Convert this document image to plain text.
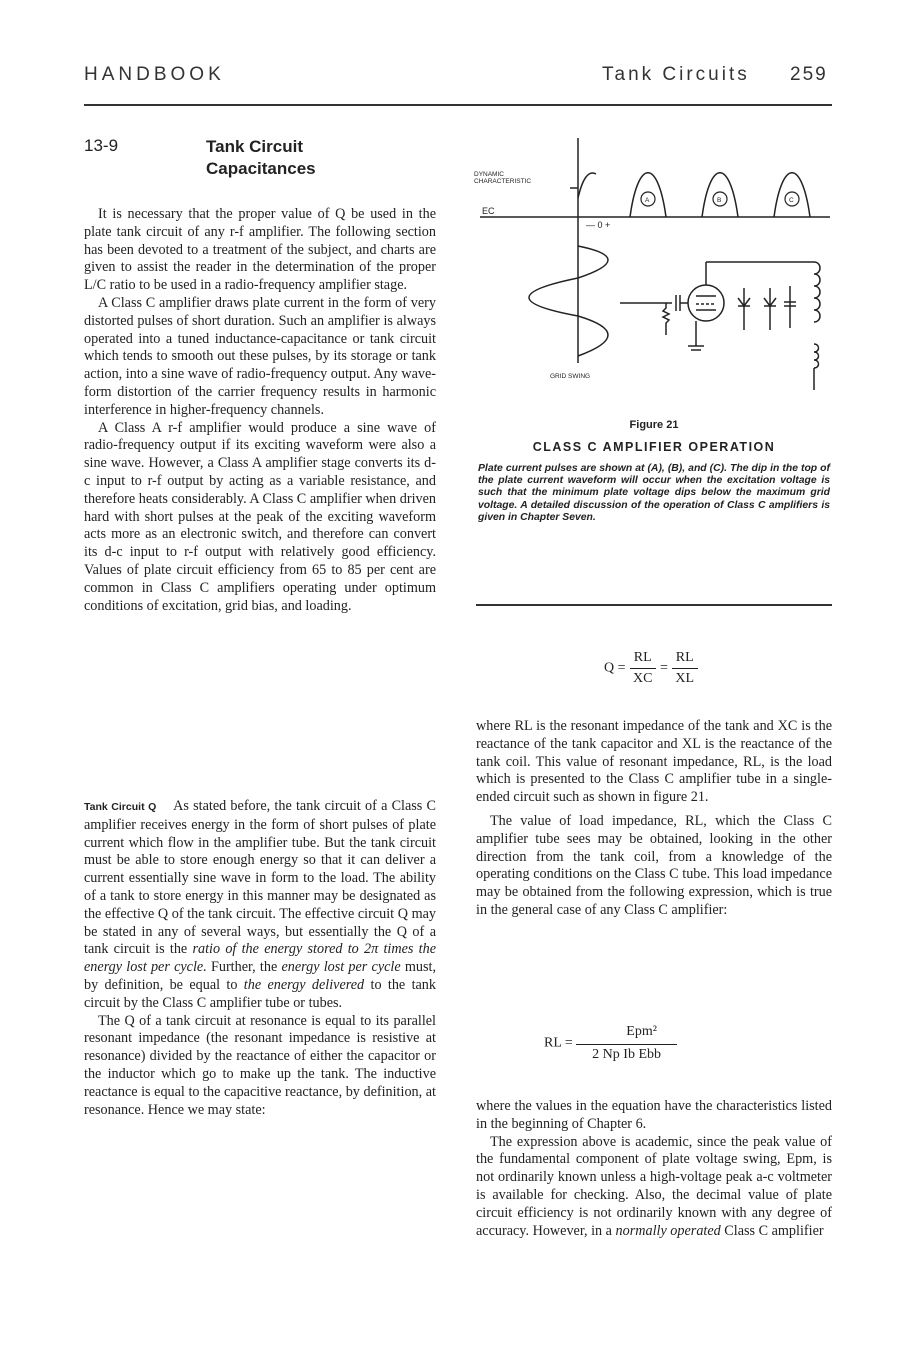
HANDBOOK	Tank Circuits 259
13-9	Tank Circuit
Capacitances

It is necessary that the proper value of Q be used in the plate tank circuit of any r-f amplifier. The following section has been devoted to a treatment of the subject, and charts are given to assist the reader in the determination of the proper L/C ratio to be used in a radio-frequency amplifier stage.

A Class C amplifier draws plate current in the form of very distorted pulses of short duration. Such an amplifier is always operated into a tuned inductance-capacitance or tank circuit which tends to smooth out these pulses, by its storage or tank action, into a sine wave of radio-frequency output. Any wave-form distortion of the carrier frequency results in harmonic interference in higher-frequency channels.

A Class A r-f amplifier would produce a sine wave of radio-frequency output if its exciting waveform were also a sine wave. However, a Class A amplifier stage converts its d-c input to r-f output by acting as a variable resistance, and therefore heats considerably. A Class C amplifier when driven hard with short pulses at the peak of the exciting waveform acts more as an electronic switch, and therefore can convert its d-c input to r-f output with relatively good efficiency. Values of plate circuit efficiency from 65 to 85 per cent are common in Class C amplifiers operating under optimum conditions of excitation, grid bias, and loading.

Tank Circuit Q As stated before, the tank circuit of a Class C amplifier receives energy in the form of short pulses of plate current which flow in the amplifier tube. But the tank circuit must be able to store enough energy so that it can deliver a current essentially sine wave in form to the load. The ability of a tank to store energy in this manner may be designated as the effective Q of the tank circuit. The effective circuit Q may be stated in any of several ways, but essentially the Q of a tank circuit is the ratio of the energy stored to 2π times the energy lost per cycle. Further, the energy lost per cycle must, by definition, be equal to the energy delivered to the tank circuit by the Class C amplifier tube or tubes.

The Q of a tank circuit at resonance is equal to its parallel resonant impedance (the resonant impedance is resistive at resonance) divided by the reactance of either the capacitor or the inductor which go to make up the tank. The inductive reactance is equal to the capacitive reactance, by definition, at resonance. Hence we may state:

DYNAMIC
CHARACTERISTIC
EC
— 0 +
A	B	C
GRID SWING
Figure 21
CLASS C AMPLIFIER OPERATION
Plate current pulses are shown at (A), (B), and (C). The dip in the top of the plate current waveform will occur when the excitation voltage is such that the minimum plate voltage dips below the maximum grid voltage. A detailed discussion of the operation of Class C amplifiers is given in Chapter Seven.
$Q = \frac{RL}{XC} = \frac{RL}{XL}$

where RL is the resonant impedance of the tank and XC is the reactance of the tank capacitor and XL is the reactance of the tank coil. This value of resonant impedance, RL, is the load which is presented to the Class C amplifier tube in a single-ended circuit such as shown in figure 21.

The value of load impedance, RL, which the Class C amplifier tube sees may be obtained, looking in the other direction from the tank coil, from a knowledge of the operating conditions on the Class C tube. This load impedance may be obtained from the following expression, which is true in the general case of any Class C amplifier:

RL = $\frac{\text{Epm²}}{\text{2 Np Ib Ebb}}$

where the values in the equation have the characteristics listed in the beginning of Chapter 6.

The expression above is academic, since the peak value of the fundamental component of plate voltage swing, Epm, is not ordinarily known unless a high-voltage peak a-c voltmeter is available for checking. Also, the decimal value of plate circuit efficiency is not ordinarily known with any degree of accuracy. However, in a normally operated Class C amplifier
